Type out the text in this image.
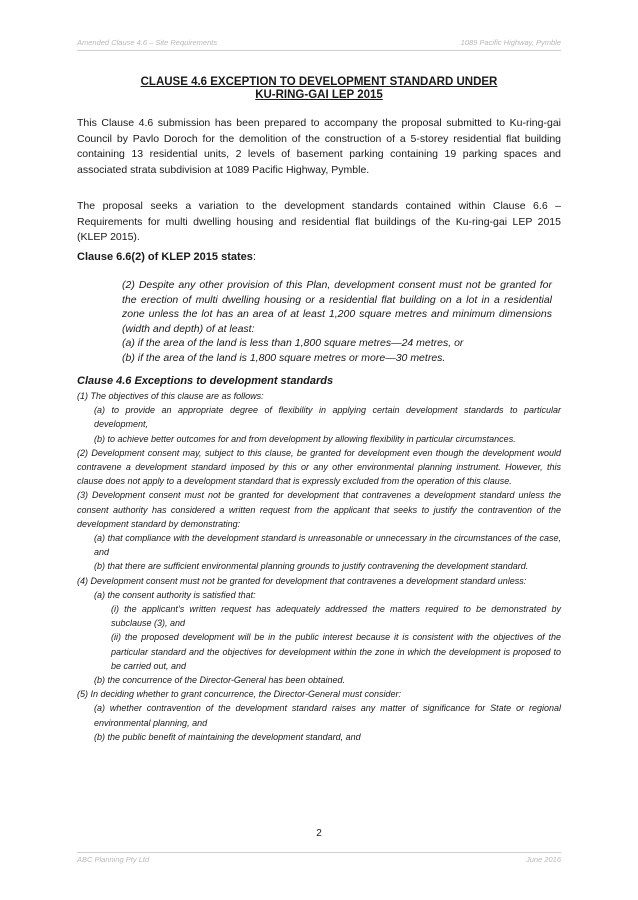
Amended Clause 4.6 – Site Requirements	1089 Pacific Highway, Pymble
CLAUSE 4.6 EXCEPTION TO DEVELOPMENT STANDARD UNDER
KU-RING-GAI LEP 2015
This Clause 4.6 submission has been prepared to accompany the proposal submitted to Ku-ring-gai Council by Pavlo Doroch for the demolition of the construction of a 5-storey residential flat building containing 13 residential units, 2 levels of basement parking containing 19 parking spaces and associated strata subdivision at 1089 Pacific Highway, Pymble.
The proposal seeks a variation to the development standards contained within Clause 6.6 – Requirements for multi dwelling housing and residential flat buildings of the Ku-ring-gai LEP 2015 (KLEP 2015).
Clause 6.6(2) of KLEP 2015 states:
(2) Despite any other provision of this Plan, development consent must not be granted for the erection of multi dwelling housing or a residential flat building on a lot in a residential zone unless the lot has an area of at least 1,200 square metres and minimum dimensions (width and depth) of at least:
(a) if the area of the land is less than 1,800 square metres—24 metres, or
(b) if the area of the land is 1,800 square metres or more—30 metres.
Clause 4.6 Exceptions to development standards
(1) The objectives of this clause are as follows:
(a) to provide an appropriate degree of flexibility in applying certain development standards to particular development,
(b) to achieve better outcomes for and from development by allowing flexibility in particular circumstances.
(2) Development consent may, subject to this clause, be granted for development even though the development would contravene a development standard imposed by this or any other environmental planning instrument. However, this clause does not apply to a development standard that is expressly excluded from the operation of this clause.
(3) Development consent must not be granted for development that contravenes a development standard unless the consent authority has considered a written request from the applicant that seeks to justify the contravention of the development standard by demonstrating:
(a) that compliance with the development standard is unreasonable or unnecessary in the circumstances of the case, and
(b) that there are sufficient environmental planning grounds to justify contravening the development standard.
(4) Development consent must not be granted for development that contravenes a development standard unless:
(a) the consent authority is satisfied that:
(i) the applicant’s written request has adequately addressed the matters required to be demonstrated by subclause (3), and
(ii) the proposed development will be in the public interest because it is consistent with the objectives of the particular standard and the objectives for development within the zone in which the development is proposed to be carried out, and
(b) the concurrence of the Director-General has been obtained.
(5) In deciding whether to grant concurrence, the Director-General must consider:
(a) whether contravention of the development standard raises any matter of significance for State or regional environmental planning, and
(b) the public benefit of maintaining the development standard, and
2
ABC Planning Pty Ltd	June 2016
